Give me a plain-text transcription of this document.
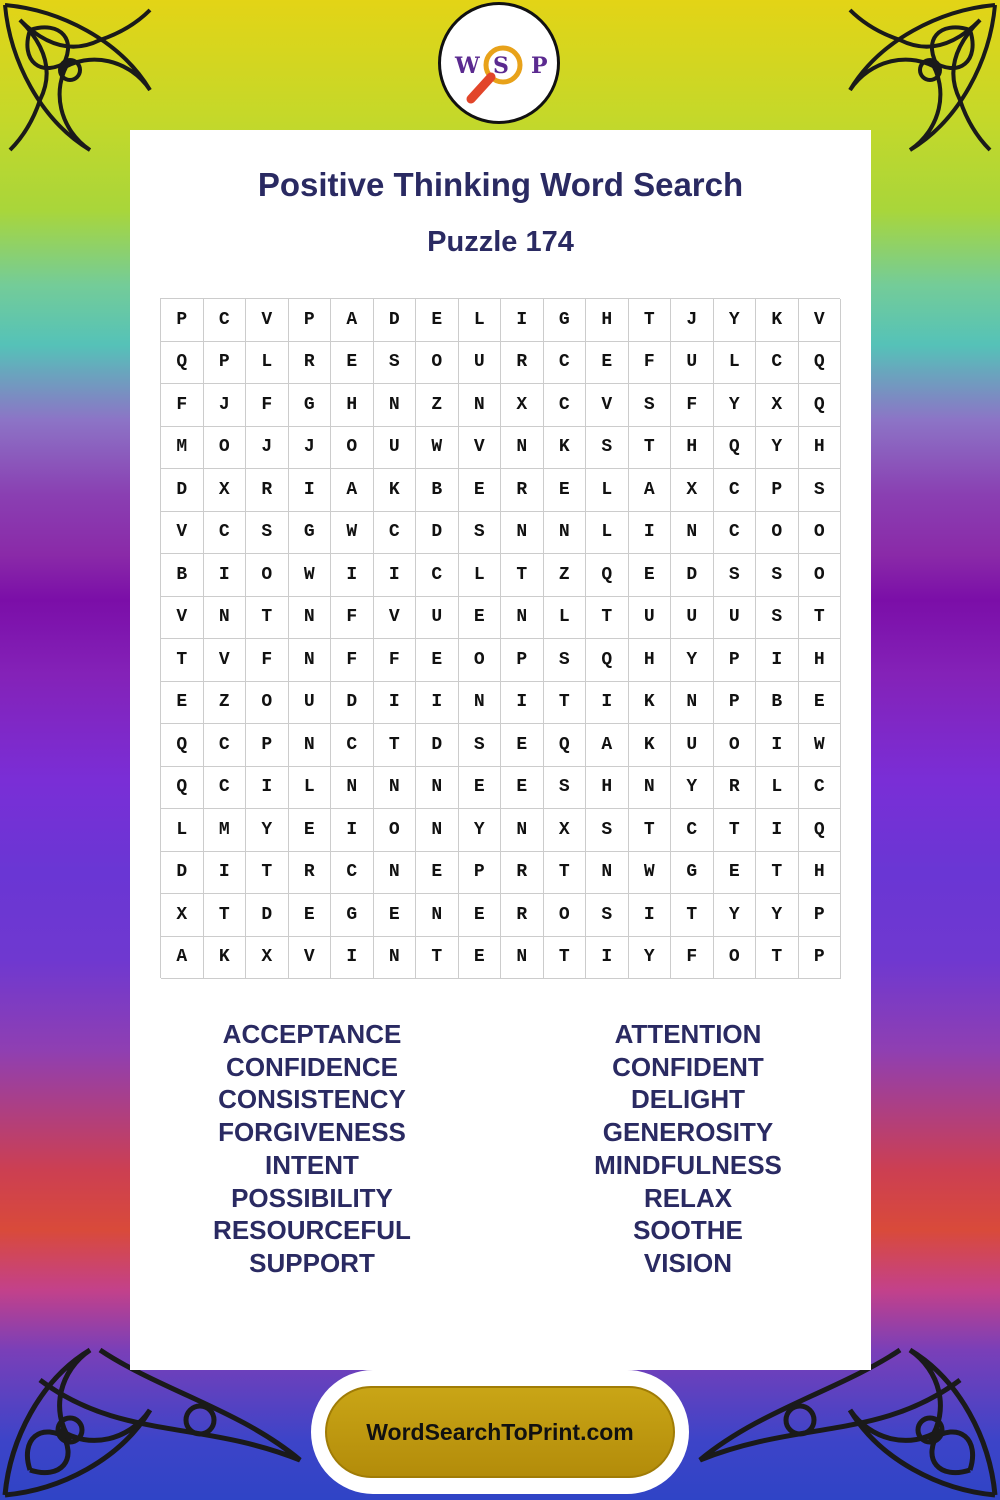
W S P
Positive Thinking Word Search
Puzzle 174
P	C	V	P	A	D	E	L	I	G	H	T	J	Y	K	V
Q	P	L	R	E	S	O	U	R	C	E	F	U	L	C	Q
F	J	F	G	H	N	Z	N	X	C	V	S	F	Y	X	Q
M	O	J	J	O	U	W	V	N	K	S	T	H	Q	Y	H
D	X	R	I	A	K	B	E	R	E	L	A	X	C	P	S
V	C	S	G	W	C	D	S	N	N	L	I	N	C	O	O
B	I	O	W	I	I	C	L	T	Z	Q	E	D	S	S	O
V	N	T	N	F	V	U	E	N	L	T	U	U	U	S	T
T	V	F	N	F	F	E	O	P	S	Q	H	Y	P	I	H
E	Z	O	U	D	I	I	N	I	T	I	K	N	P	B	E
Q	C	P	N	C	T	D	S	E	Q	A	K	U	O	I	W
Q	C	I	L	N	N	N	E	E	S	H	N	Y	R	L	C
L	M	Y	E	I	O	N	Y	N	X	S	T	C	T	I	Q
D	I	T	R	C	N	E	P	R	T	N	W	G	E	T	H
X	T	D	E	G	E	N	E	R	O	S	I	T	Y	Y	P
A	K	X	V	I	N	T	E	N	T	I	Y	F	O	T	P
ACCEPTANCE
CONFIDENCE
CONSISTENCY
FORGIVENESS
INTENT
POSSIBILITY
RESOURCEFUL
SUPPORT
ATTENTION
CONFIDENT
DELIGHT
GENEROSITY
MINDFULNESS
RELAX
SOOTHE
VISION
WordSearchToPrint.com
